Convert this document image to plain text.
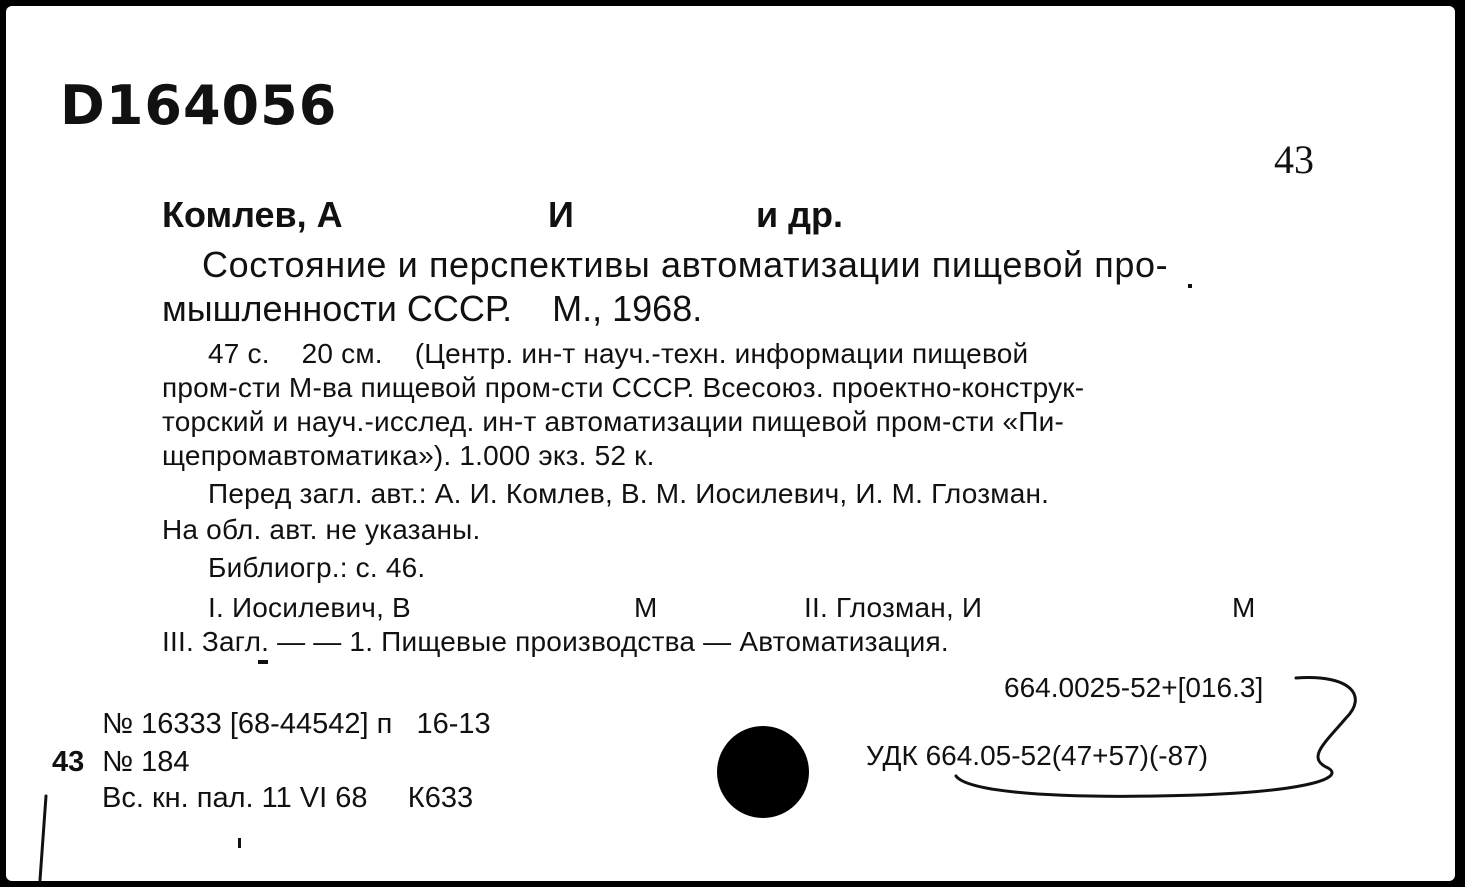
D164056
43
Комлев, А	И	и др.
Состояние и перспективы автоматизации пищевой про-
мышленности СССР.    М., 1968.
47 с.    20 см.    (Центр. ин-т науч.-техн. информации пищевой
пром-сти М-ва пищевой пром-сти СССР. Всесоюз. проектно-конструк-
торский и науч.-исслед. ин-т автоматизации пищевой пром-сти «Пи-
щепромавтоматика»). 1.000 экз. 52 к.
Перед загл. авт.: А. И. Комлев, В. М. Иосилевич, И. М. Глозман.
На обл. авт. не указаны.
Библиогр.: с. 46.
I. Иосилевич, В	М	II. Глозман, И	М
III. Загл. — — 1. Пищевые производства — Автоматизация.
664.0025-52+[016.3]
УДК 664.05-52(47+57)(-87)
№ 16333 [68-44542] п   16-13
43 № 184
Вс. кн. пал. 11 VI 68     К633
